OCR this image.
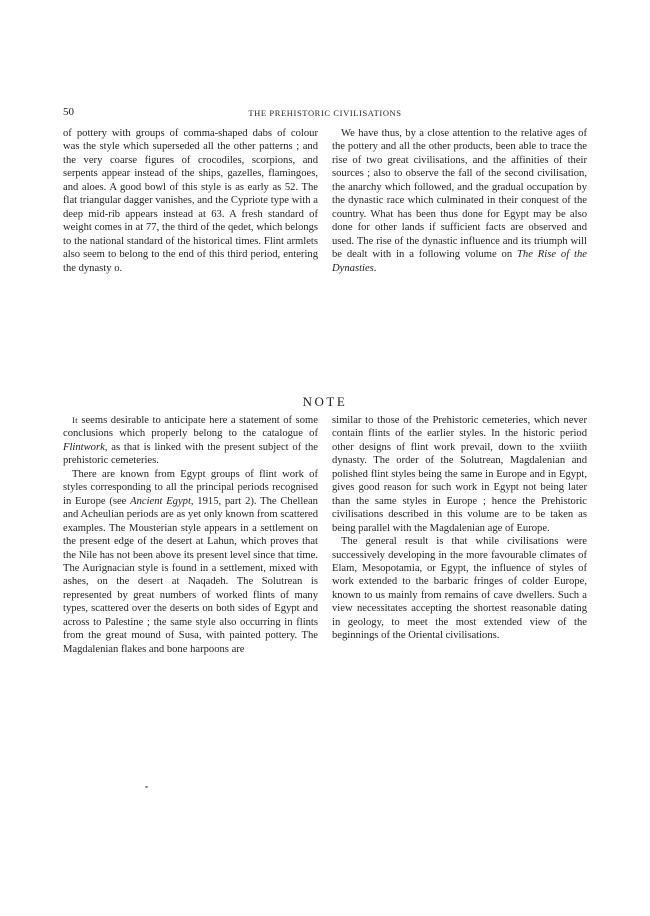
50	THE PREHISTORIC CIVILISATIONS

of pottery with groups of comma-shaped dabs of colour was the style which superseded all the other patterns ; and the very coarse figures of crocodiles, scorpions, and serpents appear instead of the ships, gazelles, flamingoes, and aloes. A good bowl of this style is as early as 52. The flat triangular dagger vanishes, and the Cypriote type with a deep mid-rib appears instead at 63. A fresh standard of weight comes in at 77, the third of the qedet, which belongs to the national standard of the historical times. Flint armlets also seem to belong to the end of this third period, entering the dynasty o.

We have thus, by a close attention to the relative ages of the pottery and all the other products, been able to trace the rise of two great civilisations, and the affinities of their sources ; also to observe the fall of the second civilisation, the anarchy which followed, and the gradual occupation by the dynastic race which culminated in their conquest of the country. What has been thus done for Egypt may be also done for other lands if sufficient facts are observed and used. The rise of the dynastic influence and its triumph will be dealt with in a following volume on The Rise of the Dynasties.

NOTE

It seems desirable to anticipate here a statement of some conclusions which properly belong to the catalogue of Flintwork, as that is linked with the present subject of the prehistoric cemeteries.

There are known from Egypt groups of flint work of styles corresponding to all the principal periods recognised in Europe (see Ancient Egypt, 1915, part 2). The Chellean and Acheulian periods are as yet only known from scattered examples. The Mousterian style appears in a settlement on the present edge of the desert at Lahun, which proves that the Nile has not been above its present level since that time. The Aurignacian style is found in a settlement, mixed with ashes, on the desert at Naqadeh. The Solutrean is represented by great numbers of worked flints of many types, scattered over the deserts on both sides of Egypt and across to Palestine ; the same style also occurring in flints from the great mound of Susa, with painted pottery. The Magdalenian flakes and bone harpoons are

similar to those of the Prehistoric cemeteries, which never contain flints of the earlier styles. In the historic period other designs of flint work prevail, down to the xviiith dynasty. The order of the Solutrean, Magdalenian and polished flint styles being the same in Europe and in Egypt, gives good reason for such work in Egypt not being later than the same styles in Europe ; hence the Prehistoric civilisations described in this volume are to be taken as being parallel with the Magdalenian age of Europe.

The general result is that while civilisations were successively developing in the more favourable climates of Elam, Mesopotamia, or Egypt, the influence of styles of work extended to the barbaric fringes of colder Europe, known to us mainly from remains of cave dwellers. Such a view necessitates accepting the shortest reasonable dating in geology, to meet the most extended view of the beginnings of the Oriental civilisations.
